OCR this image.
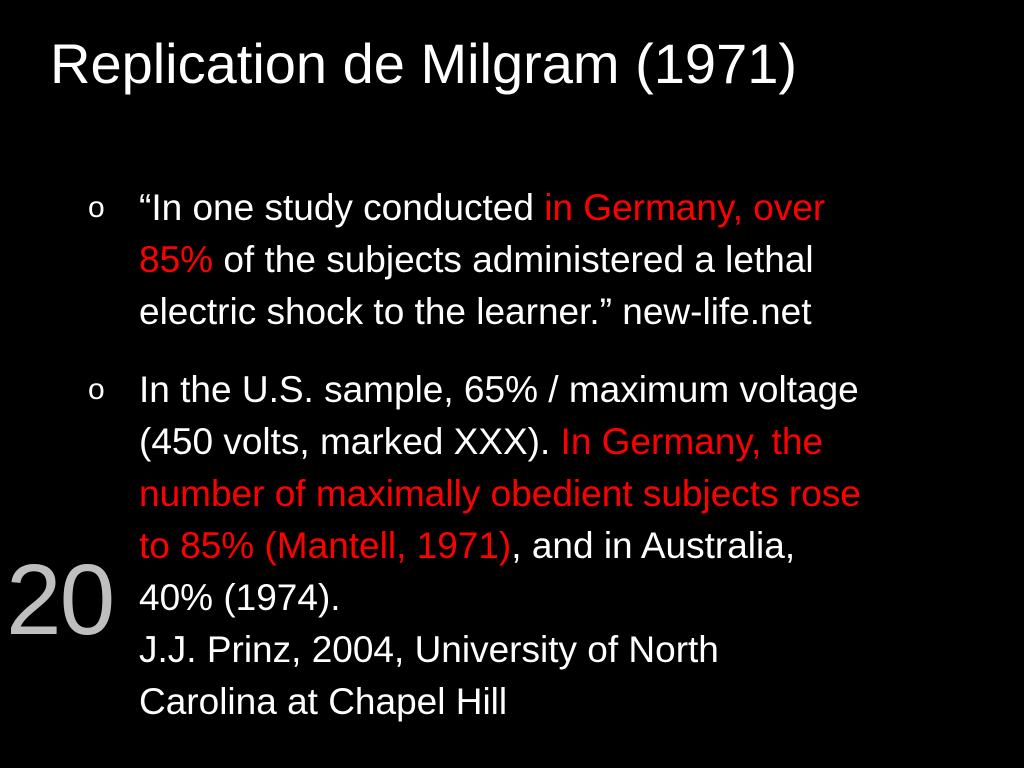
Replication de Milgram (1971)
20
o “In one study conducted in Germany, over
85% of the subjects administered a lethal
electric shock to the learner.” new-life.net
o In the U.S. sample, 65% / maximum voltage
(450 volts, marked XXX). In Germany, the
number of maximally obedient subjects rose
to 85% (Mantell, 1971), and in Australia,
40% (1974).
J.J. Prinz, 2004, University of North
Carolina at Chapel Hill
